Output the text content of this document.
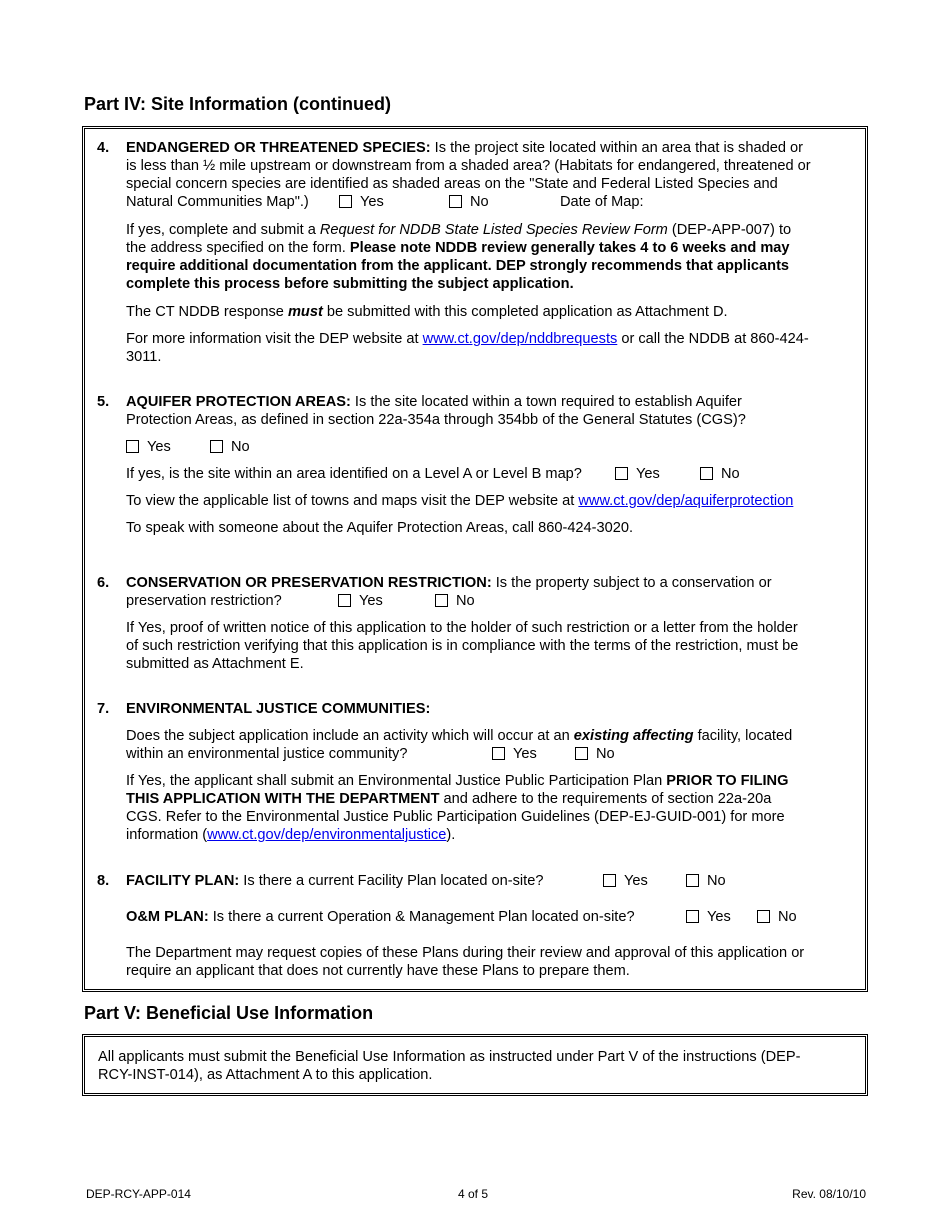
Part IV: Site Information (continued)
4. ENDANGERED OR THREATENED SPECIES: Is the project site located within an area that is shaded or
is less than ½ mile upstream or downstream from a shaded area? (Habitats for endangered, threatened or
special concern species are identified as shaded areas on the "State and Federal Listed Species and
Natural Communities Map".)	Yes	No	Date of Map:
If yes, complete and submit a Request for NDDB State Listed Species Review Form (DEP-APP-007) to
the address specified on the form. Please note NDDB review generally takes 4 to 6 weeks and may
require additional documentation from the applicant. DEP strongly recommends that applicants
complete this process before submitting the subject application.
The CT NDDB response must be submitted with this completed application as Attachment D.
For more information visit the DEP website at www.ct.gov/dep/nddbrequests or call the NDDB at 860-424-
3011.
5. AQUIFER PROTECTION AREAS: Is the site located within a town required to establish Aquifer
Protection Areas, as defined in section 22a-354a through 354bb of the General Statutes (CGS)?
Yes	No
If yes, is the site within an area identified on a Level A or Level B map?	Yes	No
To view the applicable list of towns and maps visit the DEP website at www.ct.gov/dep/aquiferprotection
To speak with someone about the Aquifer Protection Areas, call 860-424-3020.
6. CONSERVATION OR PRESERVATION RESTRICTION: Is the property subject to a conservation or
preservation restriction?	Yes	No
If Yes, proof of written notice of this application to the holder of such restriction or a letter from the holder
of such restriction verifying that this application is in compliance with the terms of the restriction, must be
submitted as Attachment E.
7. ENVIRONMENTAL JUSTICE COMMUNITIES:
Does the subject application include an activity which will occur at an existing affecting facility, located
within an environmental justice community?	Yes	No
If Yes, the applicant shall submit an Environmental Justice Public Participation Plan PRIOR TO FILING
THIS APPLICATION WITH THE DEPARTMENT and adhere to the requirements of section 22a-20a
CGS. Refer to the Environmental Justice Public Participation Guidelines (DEP-EJ-GUID-001) for more
information (www.ct.gov/dep/environmentaljustice).
8. FACILITY PLAN: Is there a current Facility Plan located on-site?	Yes	No
O&M PLAN: Is there a current Operation & Management Plan located on-site?	Yes	No
The Department may request copies of these Plans during their review and approval of this application or
require an applicant that does not currently have these Plans to prepare them.
Part V: Beneficial Use Information
All applicants must submit the Beneficial Use Information as instructed under Part V of the instructions (DEP-
RCY-INST-014), as Attachment A to this application.
DEP-RCY-APP-014	4 of 5	Rev. 08/10/10
